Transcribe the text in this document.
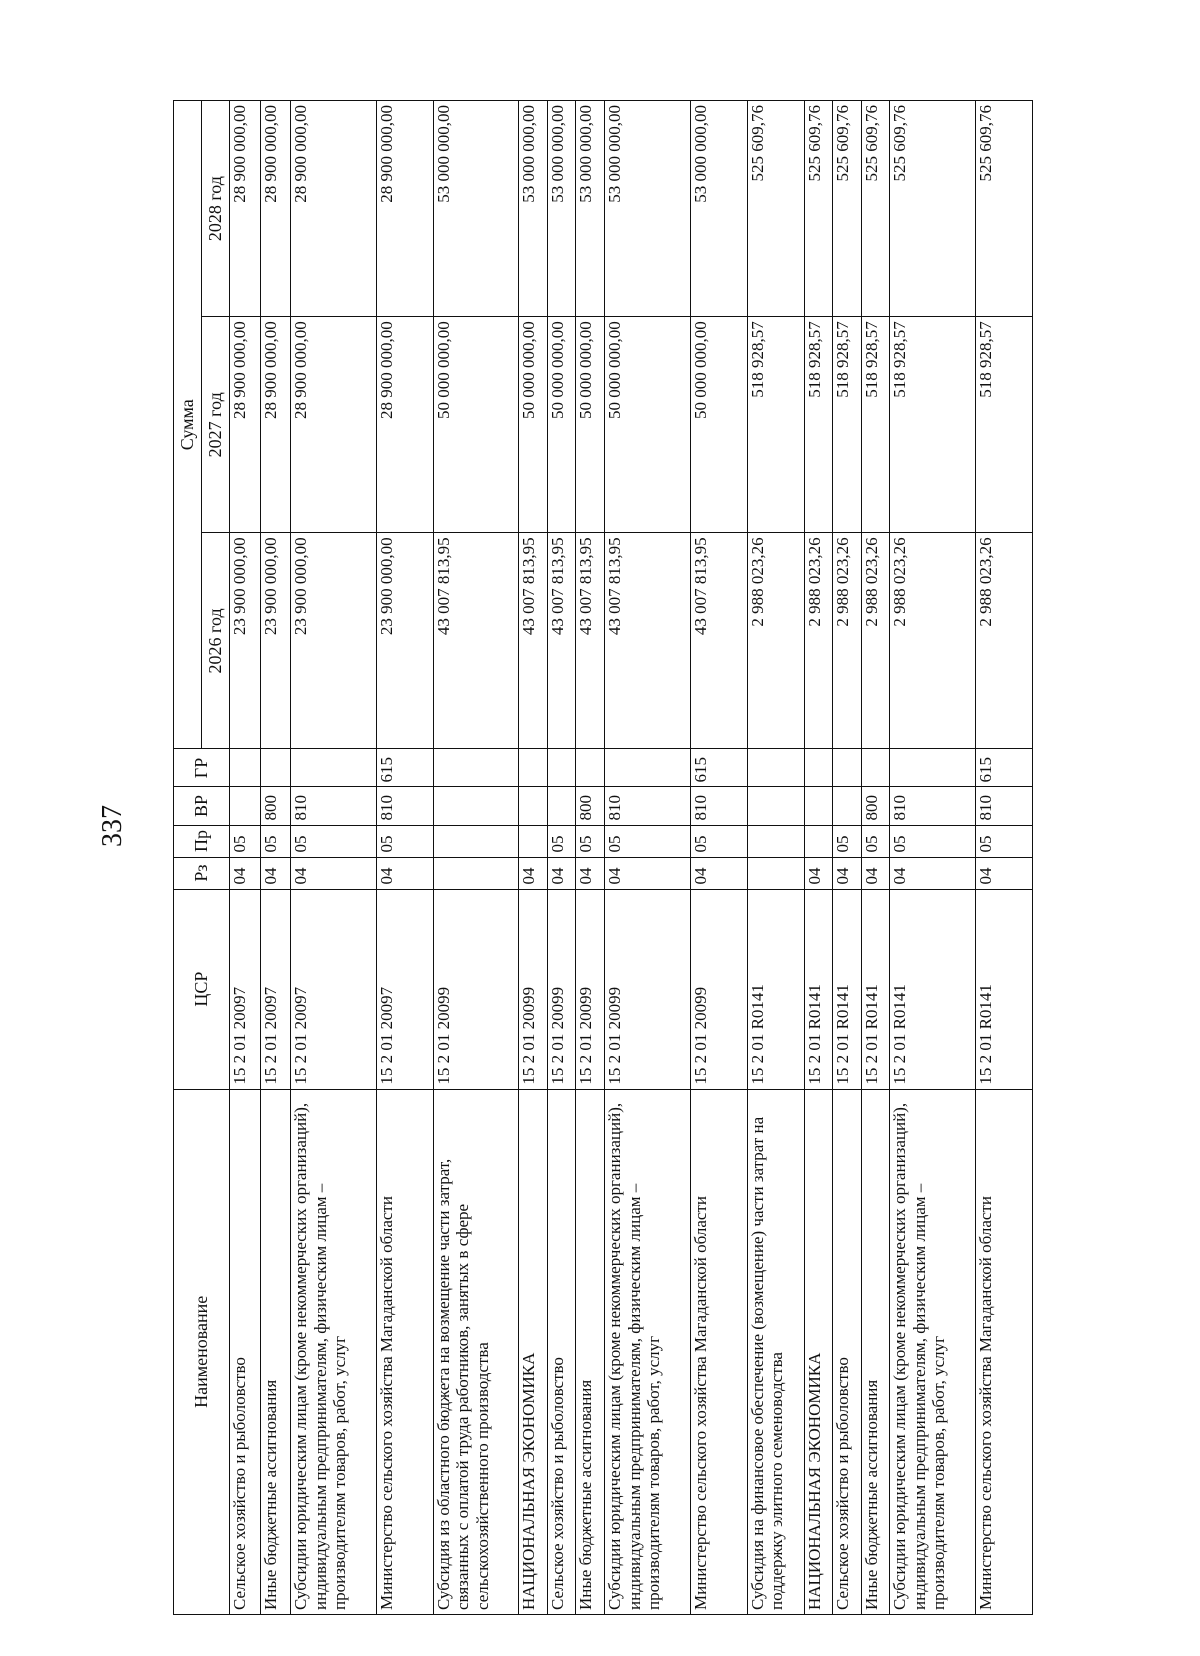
337
Наименование	ЦСР	Рз	Пр	ВР	ГР	Сумма		
						2026 год	2027 год	2028 год
Сельское хозяйство и рыболовство	15 2 01 20097	04	05			23 900 000,00	28 900 000,00	28 900 000,00
Иные бюджетные ассигнования	15 2 01 20097	04	05	800		23 900 000,00	28 900 000,00	28 900 000,00
Субсидии юридическим лицам (кроме некоммерческих организаций), индивидуальным предпринимателям, физическим лицам – производителям товаров, работ, услуг	15 2 01 20097	04	05	810		23 900 000,00	28 900 000,00	28 900 000,00
Министерство сельского хозяйства Магаданской области	15 2 01 20097	04	05	810	615	23 900 000,00	28 900 000,00	28 900 000,00
Субсидия из областного бюджета на возмещение части затрат, связанных с оплатой труда работников, занятых в сфере сельскохозяйственного производства	15 2 01 20099					43 007 813,95	50 000 000,00	53 000 000,00
НАЦИОНАЛЬНАЯ ЭКОНОМИКА	15 2 01 20099	04				43 007 813,95	50 000 000,00	53 000 000,00
Сельское хозяйство и рыболовство	15 2 01 20099	04	05			43 007 813,95	50 000 000,00	53 000 000,00
Иные бюджетные ассигнования	15 2 01 20099	04	05	800		43 007 813,95	50 000 000,00	53 000 000,00
Субсидии юридическим лицам (кроме некоммерческих организаций), индивидуальным предпринимателям, физическим лицам – производителям товаров, работ, услуг	15 2 01 20099	04	05	810		43 007 813,95	50 000 000,00	53 000 000,00
Министерство сельского хозяйства Магаданской области	15 2 01 20099	04	05	810	615	43 007 813,95	50 000 000,00	53 000 000,00
Субсидия на финансовое обеспечение (возмещение) части затрат на поддержку элитного семеноводства	15 2 01 R0141					2 988 023,26	518 928,57	525 609,76
НАЦИОНАЛЬНАЯ ЭКОНОМИКА	15 2 01 R0141	04				2 988 023,26	518 928,57	525 609,76
Сельское хозяйство и рыболовство	15 2 01 R0141	04	05			2 988 023,26	518 928,57	525 609,76
Иные бюджетные ассигнования	15 2 01 R0141	04	05	800		2 988 023,26	518 928,57	525 609,76
Субсидии юридическим лицам (кроме некоммерческих организаций), индивидуальным предпринимателям, физическим лицам – производителям товаров, работ, услуг	15 2 01 R0141	04	05	810		2 988 023,26	518 928,57	525 609,76
Министерство сельского хозяйства Магаданской области	15 2 01 R0141	04	05	810	615	2 988 023,26	518 928,57	525 609,76
